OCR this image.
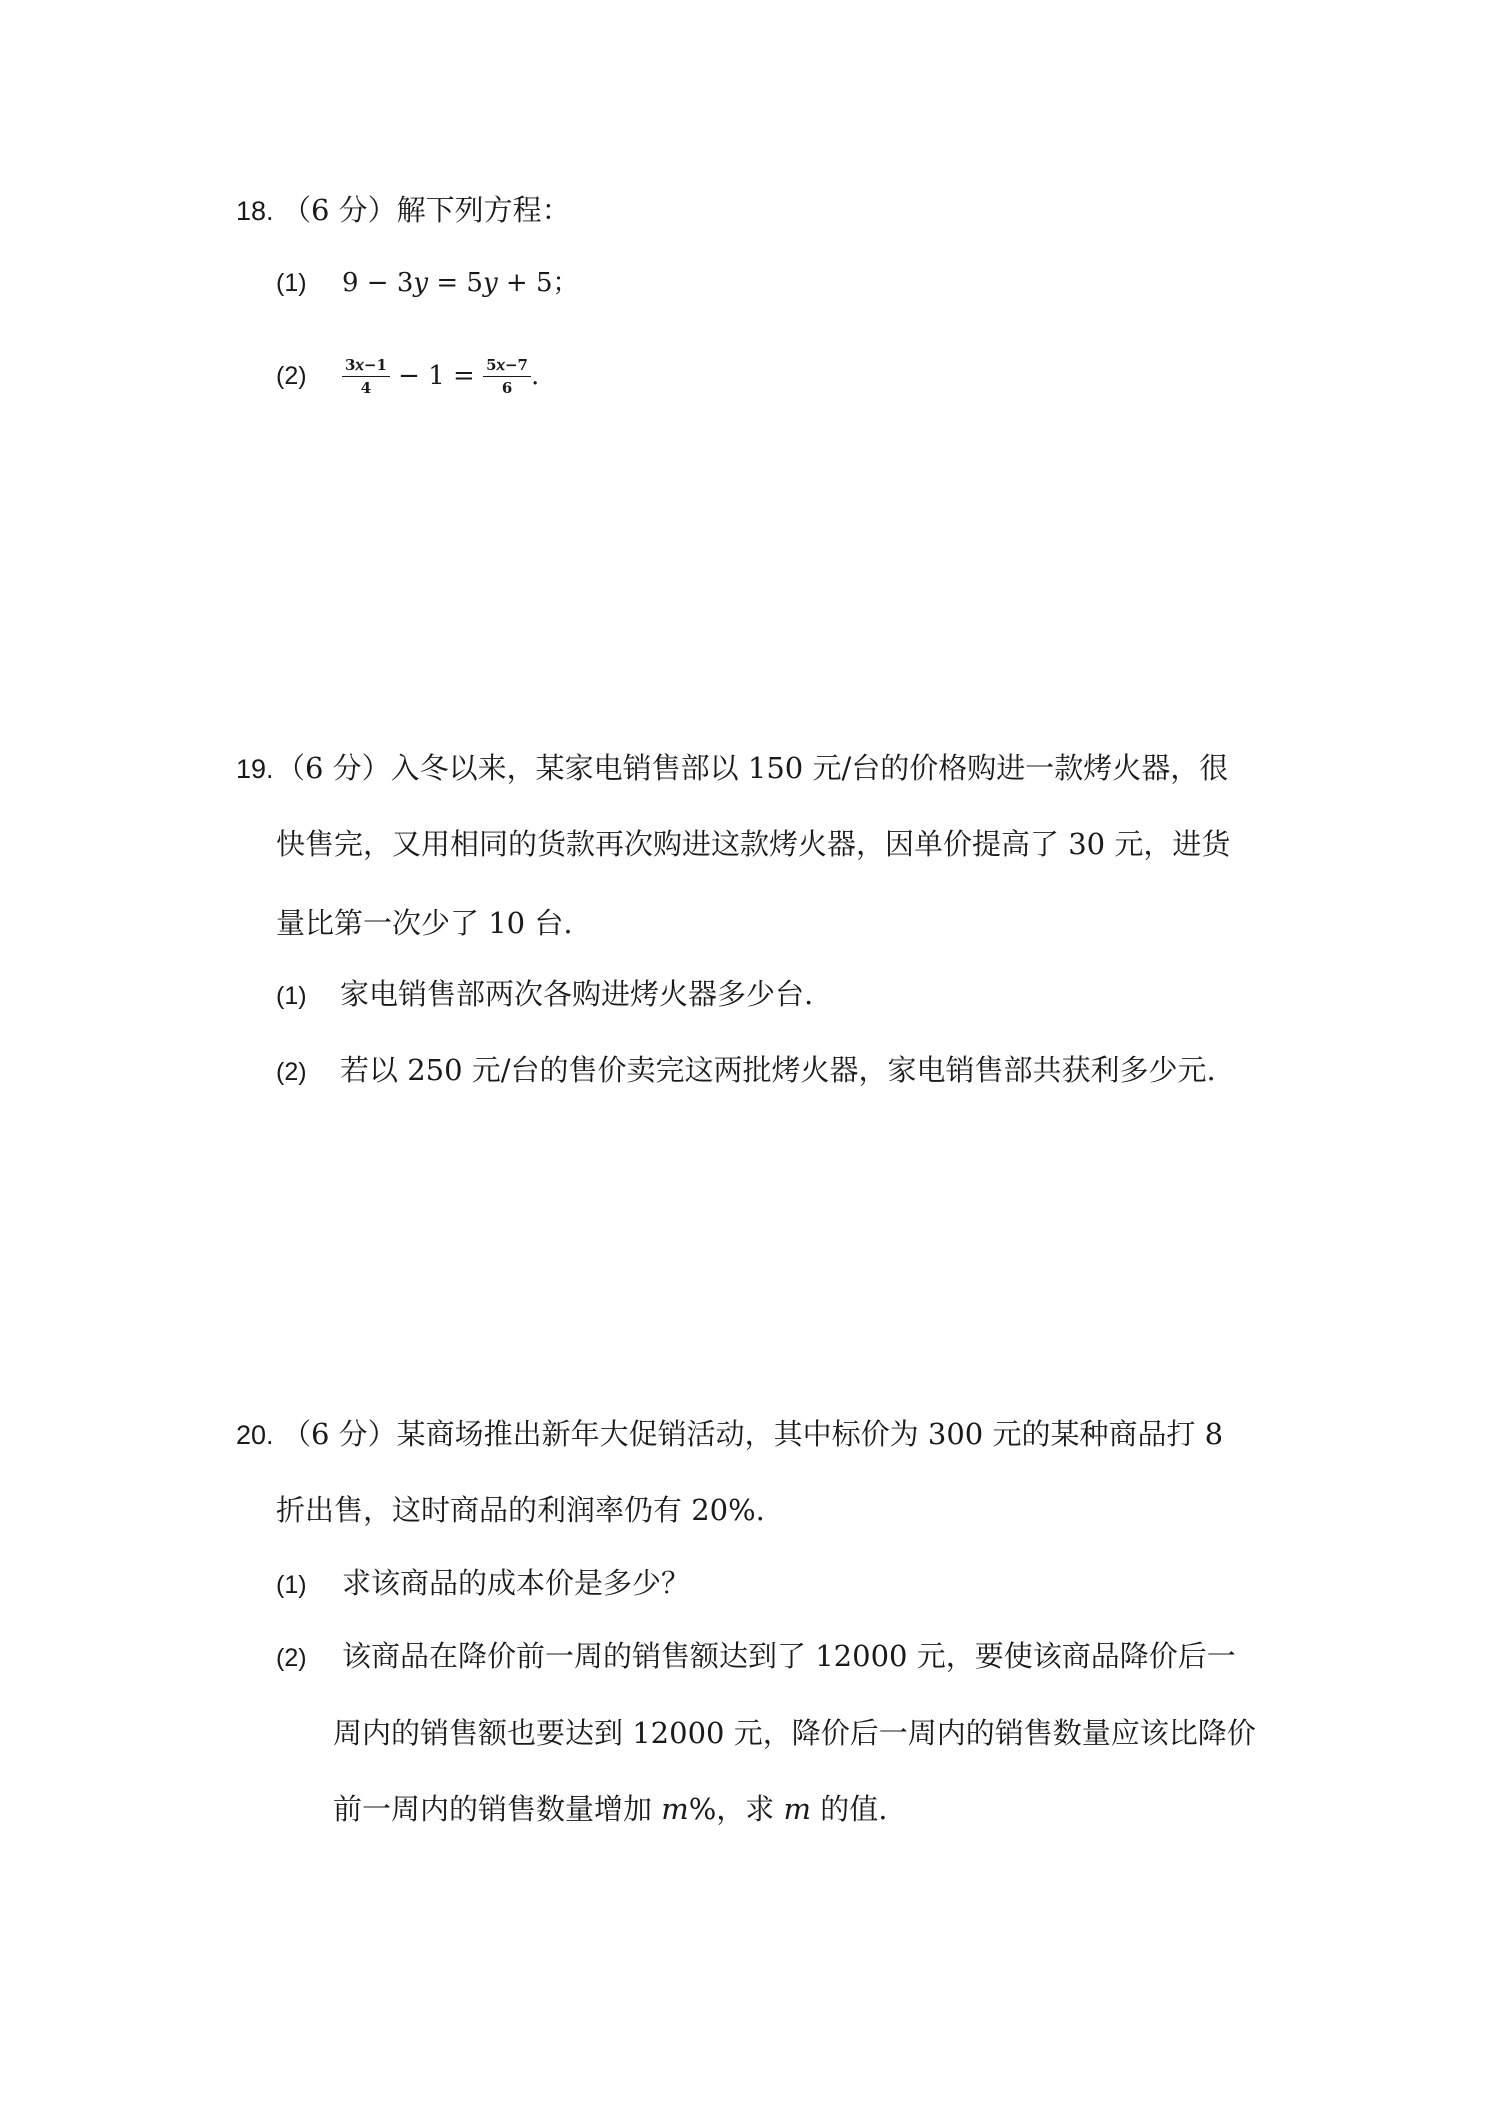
18. （6 分）解下列方程：
(1) 9 − 3𝑦 = 5𝑦 + 5；
$(2) \frac{\text{3𝑥−1}}{4} - 1 = \frac{\text{5𝑥−7}}{6}$ .
19.（6 分）入冬以来，某家电销售部以 150 元/台的价格购进一款烤火器，很
快售完，又用相同的货款再次购进这款烤火器，因单价提高了 30 元，进货
量比第一次少了 10 台.
(1) 家电销售部两次各购进烤火器多少台.
(2) 若以 250 元/台的售价卖完这两批烤火器，家电销售部共获利多少元.
20. （6 分）某商场推出新年大促销活动，其中标价为 300 元的某种商品打 8
折出售，这时商品的利润率仍有 20%.
(1) 求该商品的成本价是多少？
(2) 该商品在降价前一周的销售额达到了 12000 元，要使该商品降价后一
周内的销售额也要达到 12000 元，降价后一周内的销售数量应该比降价
前一周内的销售数量增加 𝑚%，求 𝑚 的值.
